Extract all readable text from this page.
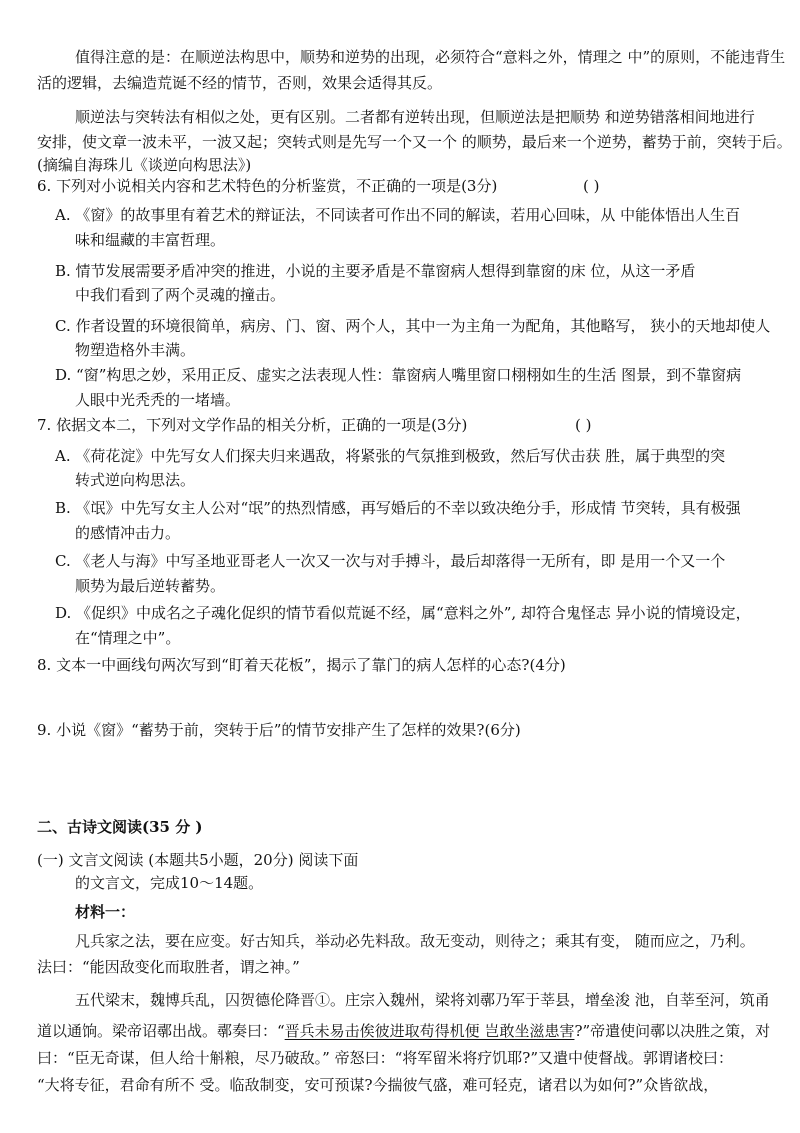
值得注意的是：在顺逆法构思中，顺势和逆势的出现，必须符合“意料之外，情理之 中”的原则，不能违背生
活的逻辑，去编造荒诞不经的情节，否则，效果会适得其反。
顺逆法与突转法有相似之处，更有区别。二者都有逆转出现，但顺逆法是把顺势 和逆势错落相间地进行
安排，使文章一波未平，一波又起；突转式则是先写一个又一个 的顺势，最后来一个逆势，蓄势于前，突转于后。
(摘编自海珠儿《谈逆向构思法》)
6. 下列对小说相关内容和艺术特色的分析鉴赏，不正确的一项是(3分)	( )
A. 《窗》的故事里有着艺术的辩证法，不同读者可作出不同的解读，若用心回味，从 中能体悟出人生百
味和缊藏的丰富哲理。
B. 情节发展需要矛盾冲突的推进，小说的主要矛盾是不靠窗病人想得到靠窗的床 位，从这一矛盾
中我们看到了两个灵魂的撞击。
C. 作者设置的环境很简单，病房、门、窗、两个人，其中一为主角一为配角，其他略写， 狭小的天地却使人
物塑造格外丰满。
D. “窗”构思之妙，采用正反、虚实之法表现人性：靠窗病人嘴里窗口栩栩如生的生活 图景，到不靠窗病
人眼中光秃秃的一堵墙。
7. 依据文本二，下列对文学作品的相关分析，正确的一项是(3分)	( )
A. 《荷花淀》中先写女人们探夫归来遇敌，将紧张的气氛推到极致，然后写伏击获 胜，属于典型的突
转式逆向构思法。
B. 《氓》中先写女主人公对“氓”的热烈情感，再写婚后的不幸以致决绝分手，形成情 节突转，具有极强
的感情冲击力。
C. 《老人与海》中写圣地亚哥老人一次又一次与对手搏斗，最后却落得一无所有，即 是用一个又一个
顺势为最后逆转蓄势。
D. 《促织》中成名之子魂化促织的情节看似荒诞不经，属“意料之外”, 却符合鬼怪志 异小说的情境设定，
在“情理之中”。
8. 文本一中画线句两次写到“盯着天花板”，揭示了靠门的病人怎样的心态?(4分)
9. 小说《窗》“蓄势于前，突转于后”的情节安排产生了怎样的效果?(6分)
二、古诗文阅读(35 分 )
(一) 文言文阅读 (本题共5小题，20分) 阅读下面
的文言文，完成10～14题。
材料一：
凡兵家之法，要在应变。好古知兵，举动必先料敌。敌无变动，则待之；乘其有变， 随而应之，乃利。
法曰：“能因敌变化而取胜者，谓之神。”
五代梁末，魏博兵乱，囚贺德伦降晋①。庄宗入魏州，梁将刘鄩乃军于莘县，增垒浚 池，自莘至河，筑甬
道以通饷。梁帝诏鄩出战。鄩奏曰：“晋兵未易击俟彼进取苟得机便 岂敢坐滋患害?”帝遣使问鄩以决胜之策，对
曰：“臣无奇谋，但人给十斛粮，尽乃破敌。” 帝怒曰：“将军留米将疗饥耶?”又遣中使督战。郭谓诸校曰：
“大将专征，君命有所不 受。临敌制变，安可预谋?今揣彼气盛，难可轻克，诸君以为如何?”众皆欲战，
